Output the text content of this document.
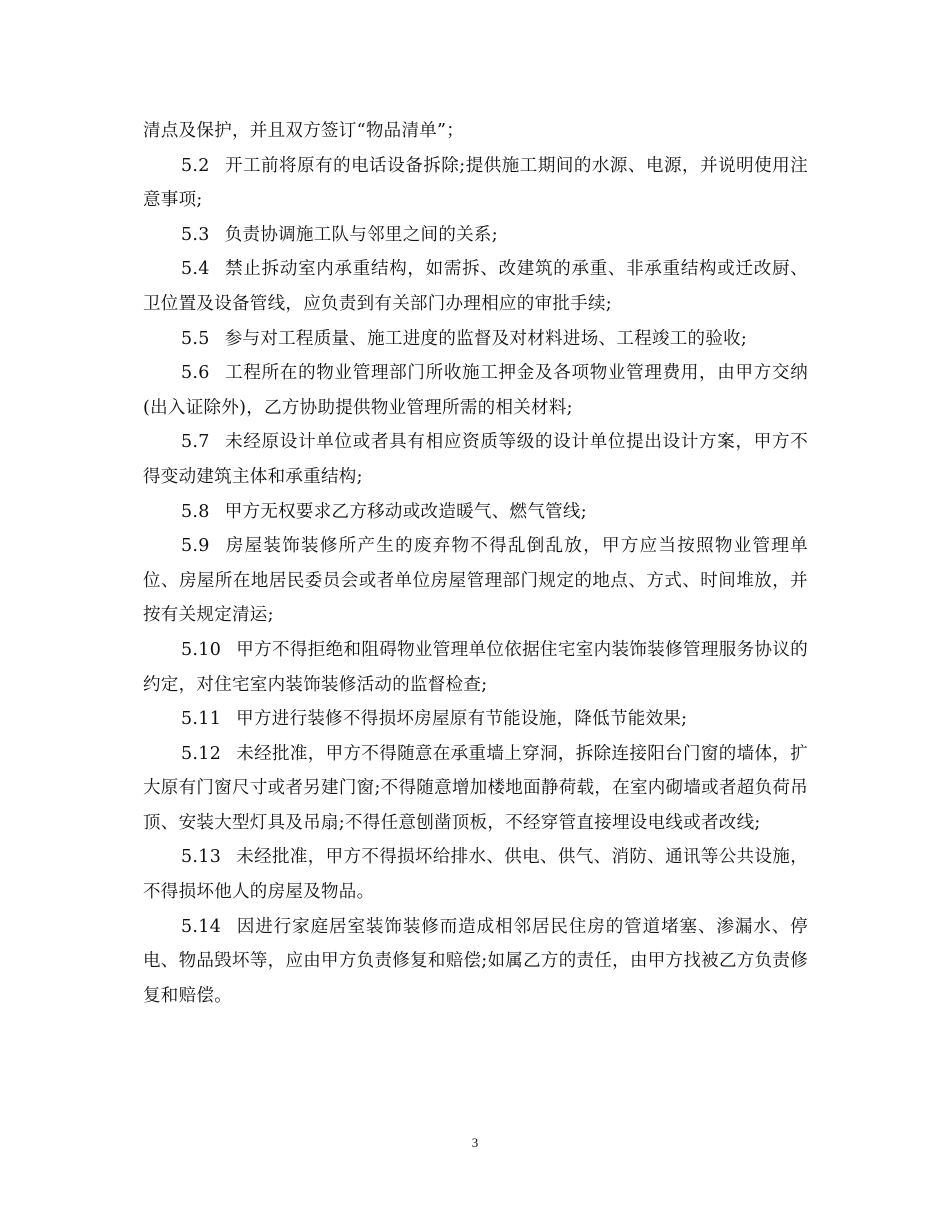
清点及保护，并且双方签订“物品清单”；

5.2 开工前将原有的电话设备拆除;提供施工期间的水源、电源，并说明使用注意事项;

5.3 负责协调施工队与邻里之间的关系;

5.4 禁止拆动室内承重结构，如需拆、改建筑的承重、非承重结构或迁改厨、卫位置及设备管线，应负责到有关部门办理相应的审批手续;

5.5 参与对工程质量、施工进度的监督及对材料进场、工程竣工的验收;

5.6 工程所在的物业管理部门所收施工押金及各项物业管理费用，由甲方交纳(出入证除外)，乙方协助提供物业管理所需的相关材料;

5.7 未经原设计单位或者具有相应资质等级的设计单位提出设计方案，甲方不得变动建筑主体和承重结构;

5.8 甲方无权要求乙方移动或改造暖气、燃气管线;

5.9 房屋装饰装修所产生的废弃物不得乱倒乱放，甲方应当按照物业管理单位、房屋所在地居民委员会或者单位房屋管理部门规定的地点、方式、时间堆放，并按有关规定清运;

5.10 甲方不得拒绝和阻碍物业管理单位依据住宅室内装饰装修管理服务协议的约定，对住宅室内装饰装修活动的监督检查;

5.11 甲方进行装修不得损坏房屋原有节能设施，降低节能效果;

5.12 未经批准，甲方不得随意在承重墙上穿洞，拆除连接阳台门窗的墙体，扩大原有门窗尺寸或者另建门窗;不得随意增加楼地面静荷载，在室内砌墙或者超负荷吊顶、安装大型灯具及吊扇;不得任意刨凿顶板，不经穿管直接埋设电线或者改线;

5.13 未经批准，甲方不得损坏给排水、供电、供气、消防、通讯等公共设施，不得损坏他人的房屋及物品。

5.14 因进行家庭居室装饰装修而造成相邻居民住房的管道堵塞、渗漏水、停电、物品毁坏等，应由甲方负责修复和赔偿;如属乙方的责任，由甲方找被乙方负责修复和赔偿。

3
